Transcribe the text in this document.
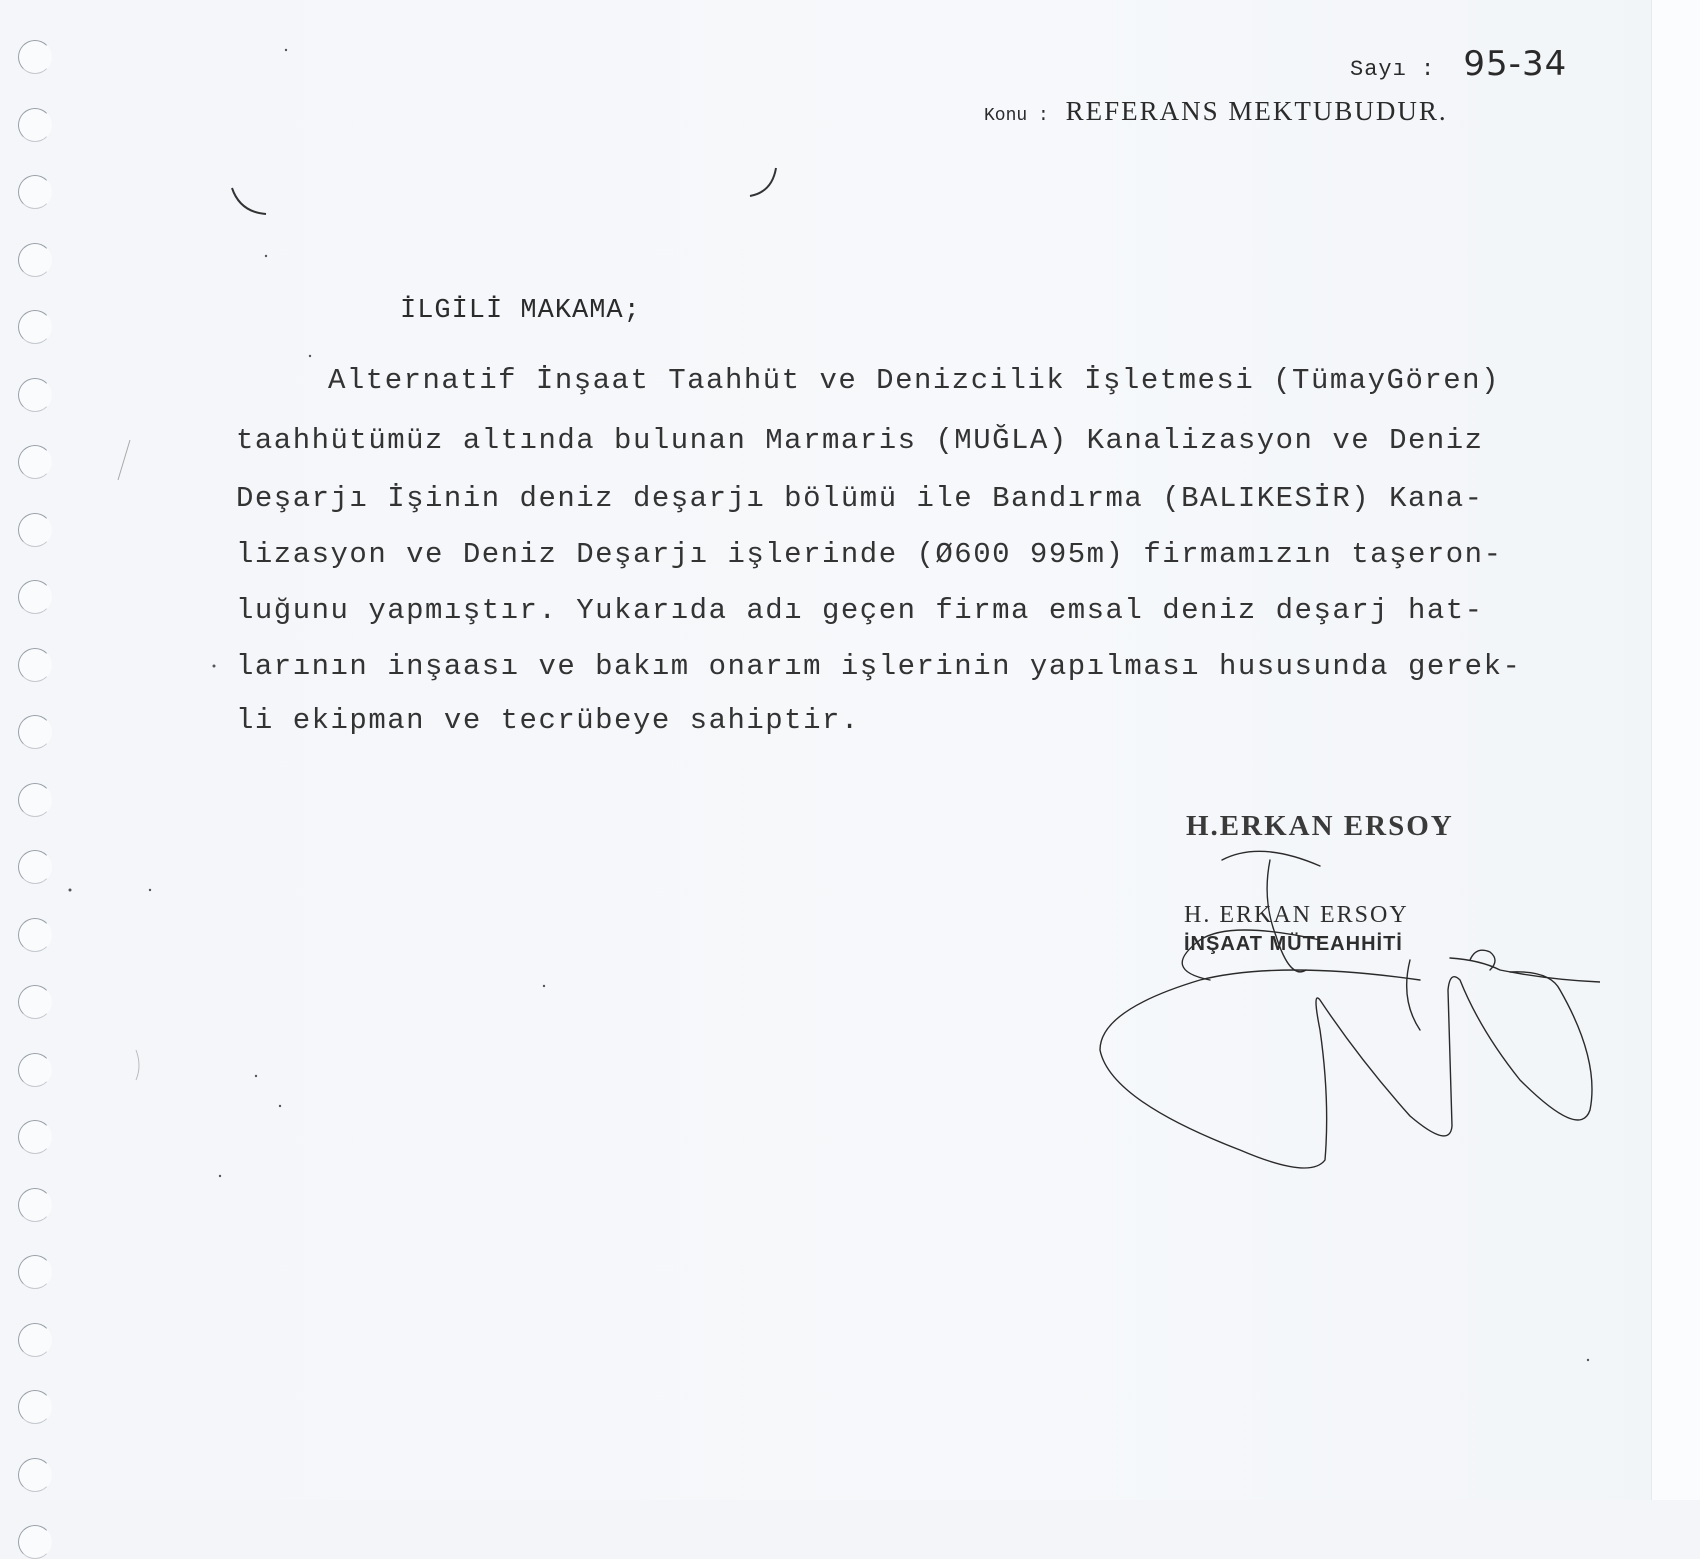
Sayı : 95-34
Konu : REFERANS MEKTUBUDUR.
İLGİLİ MAKAMA;
Alternatif İnşaat Taahhüt ve Denizcilik İşletmesi (TümayGören)
taahhütümüz altında bulunan Marmaris (MUĞLA) Kanalizasyon ve Deniz
Deşarjı İşinin deniz deşarjı bölümü ile Bandırma (BALIKESİR) Kana-
lizasyon ve Deniz Deşarjı işlerinde (Ø600 995m) firmamızın taşeron-
luğunu yapmıştır. Yukarıda adı geçen firma emsal deniz deşarj hat-
larının inşaası ve bakım onarım işlerinin yapılması hususunda gerek-
li ekipman ve tecrübeye sahiptir.
H.ERKAN ERSOY
H. ERKAN ERSOY
İNŞAAT MÜTEAHHİTİ
